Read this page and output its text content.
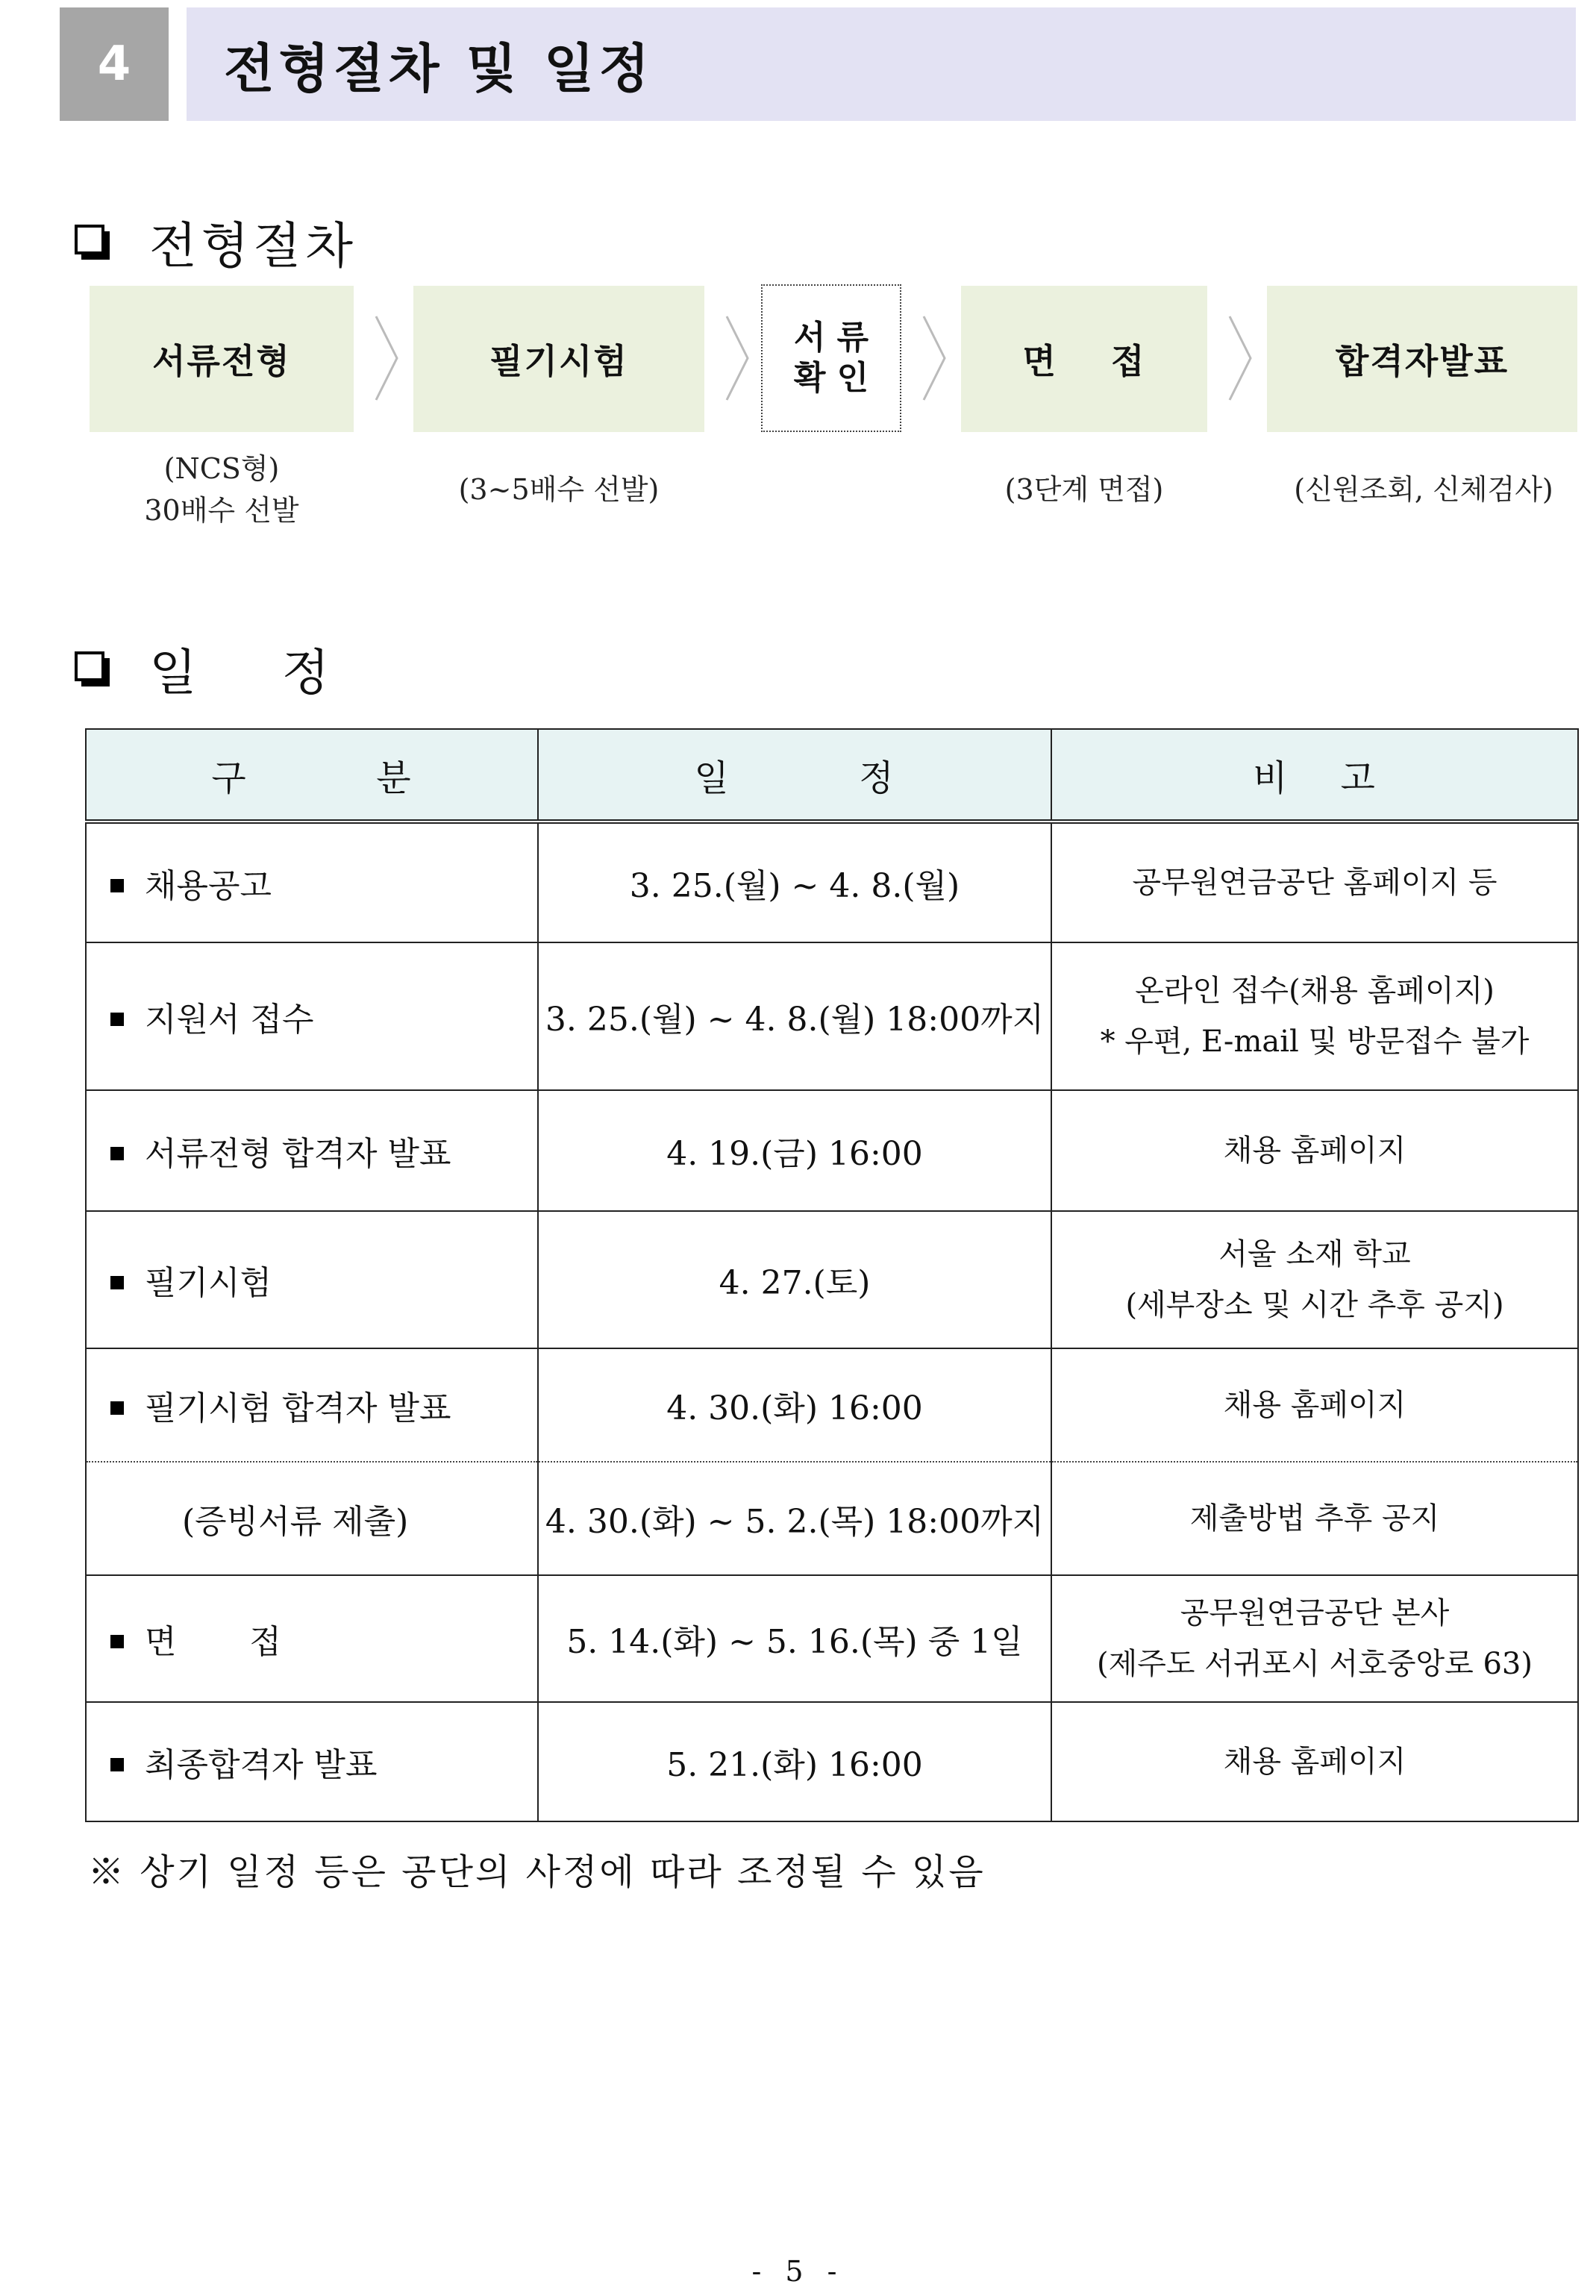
4	전형절차 및 일정
전형절차
서류전형	필기시험
서 류
확 인	면    접	합격자발표
(NCS형)
30배수 선발
(3~5배수 선발)	(3단계 면접)	(신원조회, 신체검사)
일    정
구          분	일          정	비    고
채용공고	3. 25.(월) ~ 4. 8.(월)	공무원연금공단 홈페이지 등

지원서 접수	3. 25.(월) ~ 4. 8.(월) 18:00까지	온라인 접수(채용 홈페이지)
* 우편, E-mail 및 방문접수 불가

서류전형 합격자 발표	4. 19.(금) 16:00	채용 홈페이지

필기시험	4. 27.(토)	서울 소재 학교
(세부장소 및 시간 추후 공지)

필기시험 합격자 발표	4. 30.(화) 16:00	채용 홈페이지

(증빙서류 제출)	4. 30.(화) ~ 5. 2.(목) 18:00까지	제출방법 추후 공지

면       접	5. 14.(화) ~ 5. 16.(목) 중 1일	공무원연금공단 본사
(제주도 서귀포시 서호중앙로 63)

최종합격자 발표	5. 21.(화) 16:00	채용 홈페이지
※ 상기 일정 등은 공단의 사정에 따라 조정될 수 있음
- 5 -
